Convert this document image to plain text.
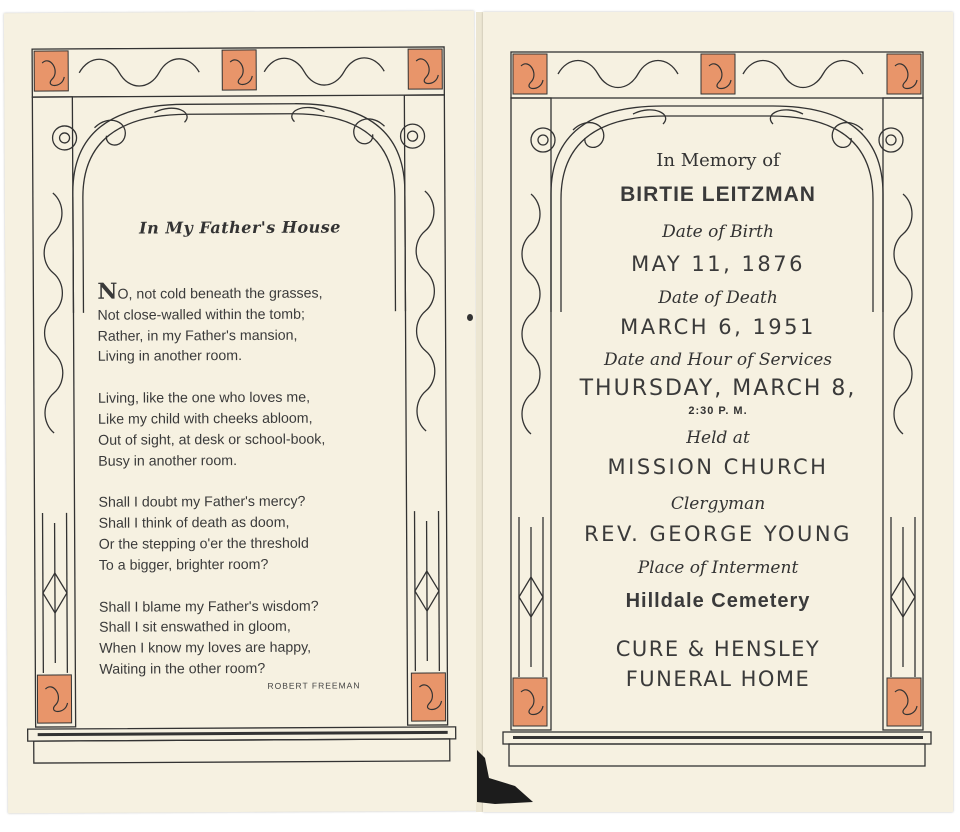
In My Father's House
NO, not cold beneath the grasses,
Not close-walled within the tomb;
Rather, in my Father's mansion,
Living in another room.
Living, like the one who loves me,
Like my child with cheeks abloom,
Out of sight, at desk or school-book,
Busy in another room.
Shall I doubt my Father's mercy?
Shall I think of death as doom,
Or the stepping o'er the threshold
To a bigger, brighter room?
Shall I blame my Father's wisdom?
Shall I sit enswathed in gloom,
When I know my loves are happy,
Waiting in the other room?
ROBERT FREEMAN
In Memory of
BIRTIE LEITZMAN
Date of Birth
MAY 11, 1876
Date of Death
MARCH 6, 1951
Date and Hour of Services
THURSDAY, MARCH 8,
2:30 P. M.
Held at
MISSION CHURCH
Clergyman
REV. GEORGE YOUNG
Place of Interment
Hilldale Cemetery
CURE & HENSLEY
FUNERAL HOME
